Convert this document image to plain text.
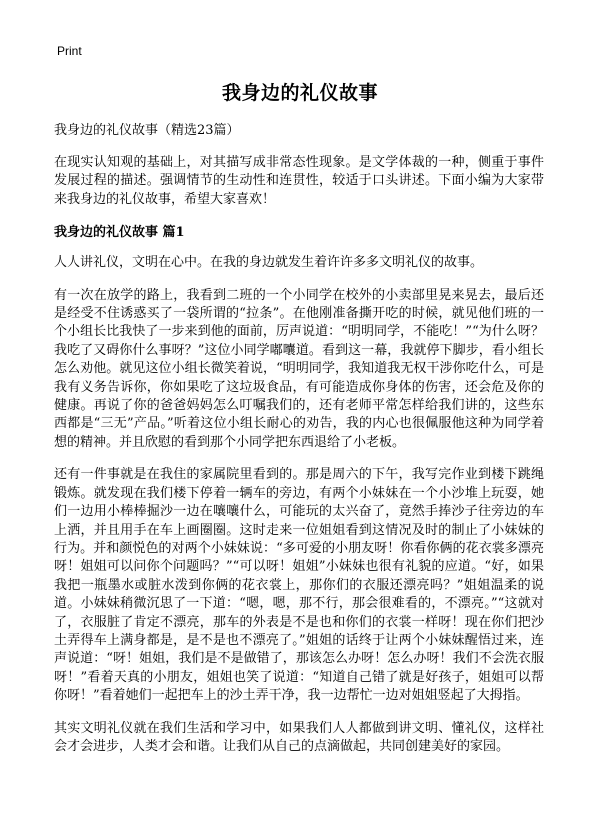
Print
我身边的礼仪故事
我身边的礼仪故事（精选23篇）

在现实认知观的基础上，对其描写成非常态性现象。是文学体裁的一种，侧重于事件发展过程的描述。强调情节的生动性和连贯性，较适于口头讲述。下面小编为大家带来我身边的礼仪故事，希望大家喜欢！

我身边的礼仪故事 篇1

人人讲礼仪，文明在心中。在我的身边就发生着许许多多文明礼仪的故事。

有一次在放学的路上，我看到二班的一个小同学在校外的小卖部里晃来晃去，最后还是经受不住诱惑买了一袋所谓的“拉条”。在他刚准备撕开吃的时候，就见他们班的一个小组长比我快了一步来到他的面前，厉声说道：“明明同学，不能吃！”“为什么呀？我吃了又碍你什么事呀？”这位小同学嘟囔道。看到这一幕，我就停下脚步，看小组长怎么劝他。就见这位小组长微笑着说，“明明同学，我知道我无权干涉你吃什么，可是我有义务告诉你，你如果吃了这垃圾食品，有可能造成你身体的伤害，还会危及你的健康。再说了你的爸爸妈妈怎么叮嘱我们的，还有老师平常怎样给我们讲的，这些东西都是“三无”产品。”听着这位小组长耐心的劝告，我的内心也很佩服他这种为同学着想的精神。并且欣慰的看到那个小同学把东西退给了小老板。

还有一件事就是在我住的家属院里看到的。那是周六的下午，我写完作业到楼下跳绳锻炼。就发现在我们楼下停着一辆车的旁边，有两个小妹妹在一个小沙堆上玩耍，她们一边用小棒棒掘沙一边在嚷嚷什么，可能玩的太兴奋了，竟然手捧沙子往旁边的车上洒，并且用手在车上画圈圈。这时走来一位姐姐看到这情况及时的制止了小妹妹的行为。并和颜悦色的对两个小妹妹说：“多可爱的小朋友呀！你看你俩的花衣裳多漂亮呀！姐姐可以问你个问题吗？”“可以呀！姐姐”小妹妹也很有礼貌的应道。“好，如果我把一瓶墨水或脏水泼到你俩的花衣裳上，那你们的衣服还漂亮吗？”姐姐温柔的说道。小妹妹稍微沉思了一下道：“嗯，嗯，那不行，那会很难看的，不漂亮。”“这就对了，衣服脏了肯定不漂亮，那车的外表是不是也和你们的衣裳一样呀！现在你们把沙土弄得车上满身都是，是不是也不漂亮了。”姐姐的话终于让两个小妹妹醒悟过来，连声说道：“呀！姐姐，我们是不是做错了，那该怎么办呀！怎么办呀！我们不会洗衣服呀！”看着天真的小朋友，姐姐也笑了说道：“知道自己错了就是好孩子，姐姐可以帮你呀！”看着她们一起把车上的沙土弄干净，我一边帮忙一边对姐姐竖起了大拇指。

其实文明礼仪就在我们生活和学习中，如果我们人人都做到讲文明、懂礼仪，这样社会才会进步，人类才会和谐。让我们从自己的点滴做起，共同创建美好的家园。
